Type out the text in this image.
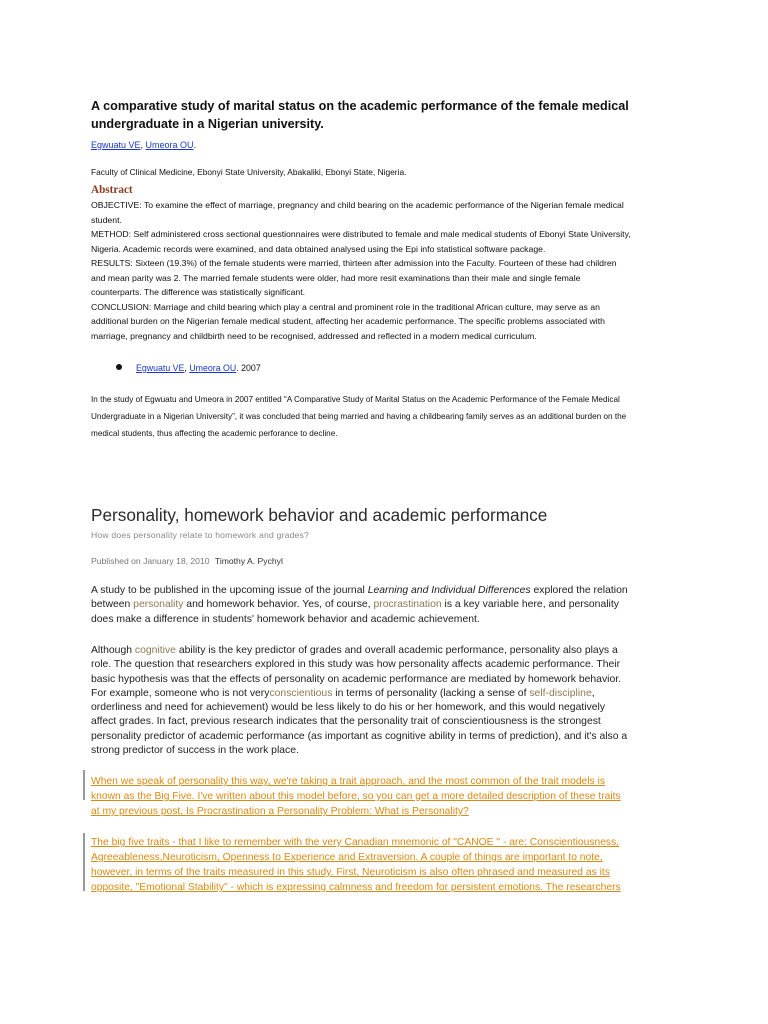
A comparative study of marital status on the academic performance of the female medical
undergraduate in a Nigerian university.
Egwuatu VE, Umeora OU.
Faculty of Clinical Medicine, Ebonyi State University, Abakaliki, Ebonyi State, Nigeria.
Abstract

OBJECTIVE: To examine the effect of marriage, pregnancy and child bearing on the academic performance of the Nigerian female medical

student.

METHOD: Self administered cross sectional questionnaires were distributed to female and male medical students of Ebonyi State University,

Nigeria. Academic records were examined, and data obtained analysed using the Epi info statistical software package.

RESULTS: Sixteen (19.3%) of the female students were married, thirteen after admission into the Faculty. Fourteen of these had children

and mean parity was 2. The married female students were older, had more resit examinations than their male and single female

counterparts. The difference was statistically significant.

CONCLUSION: Marriage and child bearing which play a central and prominent role in the traditional African culture, may serve as an

additional burden on the Nigerian female medical student, affecting her academic performance. The specific problems associated with

marriage, pregnancy and childbirth need to be recognised, addressed and reflected in a modern medical curriculum.

Egwuatu VE, Umeora OU. 2007

In the study of Egwuatu and Umeora in 2007 entitled “A Comparative Study of Marital Status on the Academic Performance of the Female Medical

Undergraduate in a Nigerian University”, it was concluded that being married and having a childbearing family serves as an additional burden on the

medical students, thus affecting the academic perforance to decline.

Personality, homework behavior and academic performance
How does personality relate to homework and grades?
Published on January 18, 2010 Timothy A. Pychyl

A study to be published in the upcoming issue of the journal Learning and Individual Differences explored the relation

between personality and homework behavior. Yes, of course, procrastination is a key variable here, and personality

does make a difference in students' homework behavior and academic achievement.

Although cognitive ability is the key predictor of grades and overall academic performance, personality also plays a

role. The question that researchers explored in this study was how personality affects academic performance. Their

basic hypothesis was that the effects of personality on academic performance are mediated by homework behavior.

For example, someone who is not veryconscientious in terms of personality (lacking a sense of self-discipline,

orderliness and need for achievement) would be less likely to do his or her homework, and this would negatively

affect grades. In fact, previous research indicates that the personality trait of conscientiousness is the strongest

personality predictor of academic performance (as important as cognitive ability in terms of prediction), and it's also a

strong predictor of success in the work place.

When we speak of personality this way, we're taking a trait approach, and the most common of the trait models is

known as the Big Five. I've written about this model before, so you can get a more detailed description of these traits

at my previous post, Is Procrastination a Personality Problem: What is Personality?

The big five traits - that I like to remember with the very Canadian mnemonic of "CANOE " - are: Conscientiousness,

Agreeableness,Neuroticism, Openness to Experience and Extraversion. A couple of things are important to note,

however, in terms of the traits measured in this study. First, Neuroticism is also often phrased and measured as its

opposite, "Emotional Stability" - which is expressing calmness and freedom for persistent emotions. The researchers
